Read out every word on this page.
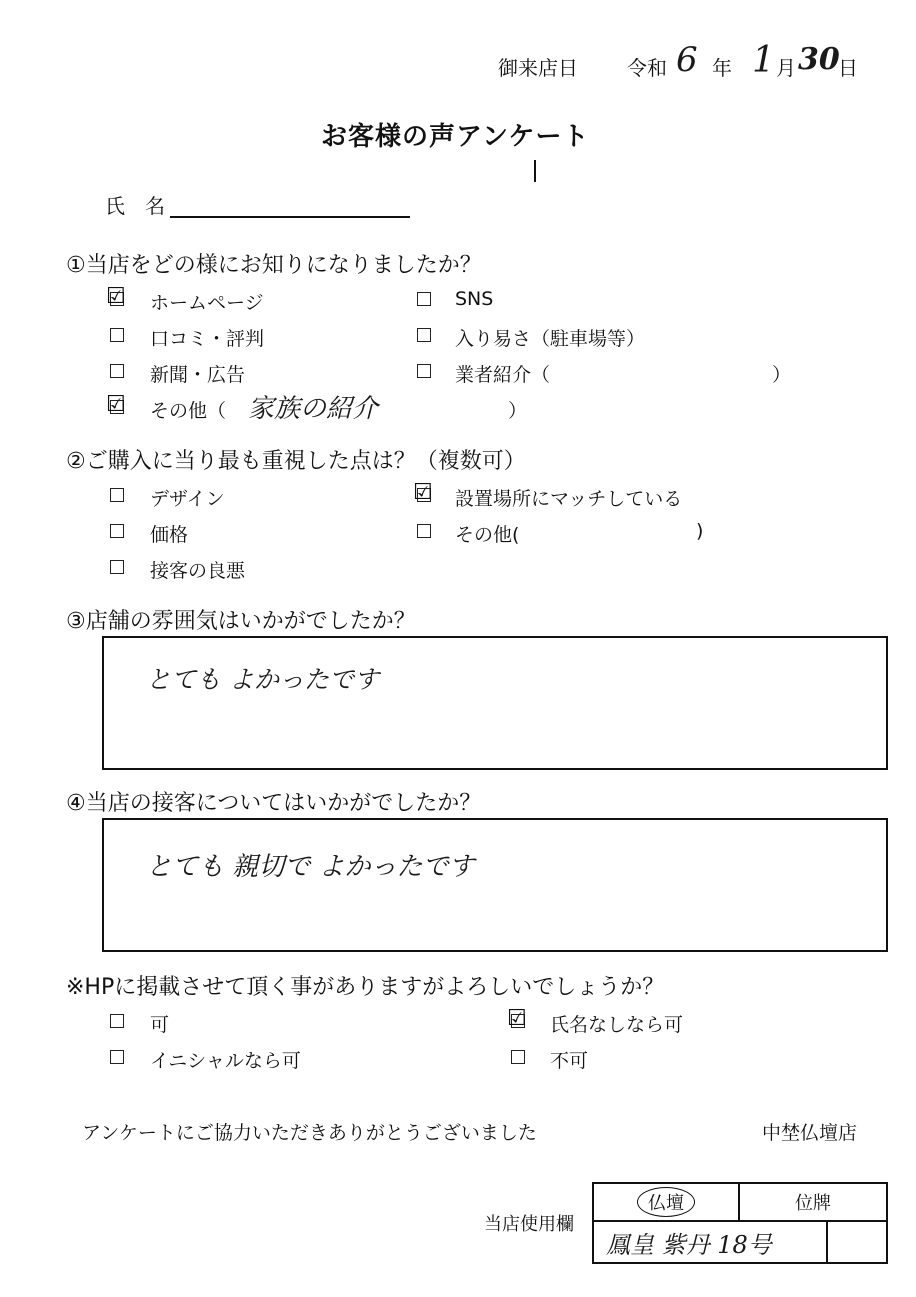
御来店日 令和 6 年 1 月 30
日
お客様の声アンケート
氏　名
①当店をどの様にお知りになりましたか？
☑ ホームページ	SNS
口コミ・評判	入り易さ（駐車場等）
新聞・広告	業者紹介（	）
☑ その他（ 家族の紹介	）
②ご購入に当り最も重視した点は？（複数可）
デザイン	☑ 設置場所にマッチしている
価格	その他(	)
接客の良悪
③店舗の雰囲気はいかがでしたか？
とても よかったです
④当店の接客についてはいかがでしたか？
とても 親切で よかったです
※HPに掲載させて頂く事がありますがよろしいでしょうか？
可	☑ 氏名なしなら可
イニシャルなら可	不可
アンケートにご協力いただきありがとうございました	中埜仏壇店
当店使用欄
仏壇	位牌	
鳳皇 紫丹 18号		
